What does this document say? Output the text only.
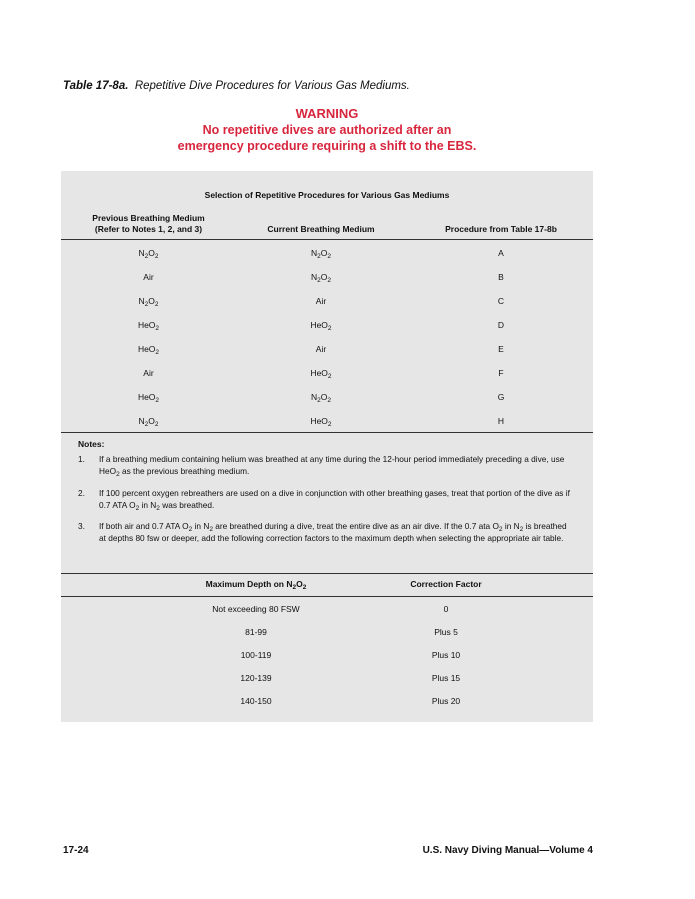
Table 17-8a. Repetitive Dive Procedures for Various Gas Mediums.
WARNING
No repetitive dives are authorized after an
emergency procedure requiring a shift to the EBS.
Selection of Repetitive Procedures for Various Gas Mediums
Previous Breathing Medium
(Refer to Notes 1, 2, and 3)	Current Breathing Medium	Procedure from Table 17-8b
$N_2O_2$	$N_2O_2$	A
Air	$N_2O_2$	B
$N_2O_2$	Air	C
HeO$_2$	HeO$_2$	D
HeO$_2$	Air	E
Air	HeO$_2$	F
HeO$_2$	$N_2O_2$	G
$N_2O_2$	HeO$_2$	H
Notes:
1. If a breathing medium containing helium was breathed at any time during the 12-hour period immediately preceding a dive, use HeO$_2$ as the previous breathing medium.
2. If 100 percent oxygen rebreathers are used on a dive in conjunction with other breathing gases, treat that portion of the dive as if 0.7 ATA $O_2$ in $N_2$ was breathed.
3. If both air and 0.7 ATA $O_2$ in $N_2$ are breathed during a dive, treat the entire dive as an air dive. If the 0.7 ata $O_2$ in $N_2$ is breathed at depths 80 fsw or deeper, add the following correction factors to the maximum depth when selecting the appropriate air table.
Maximum Depth on $N_2O_2$	Correction Factor
Not exceeding 80 FSW	0
81-99	Plus 5
100-119	Plus 10
120-139	Plus 15
140-150	Plus 20
17-24	U.S. Navy Diving Manual—Volume 4
